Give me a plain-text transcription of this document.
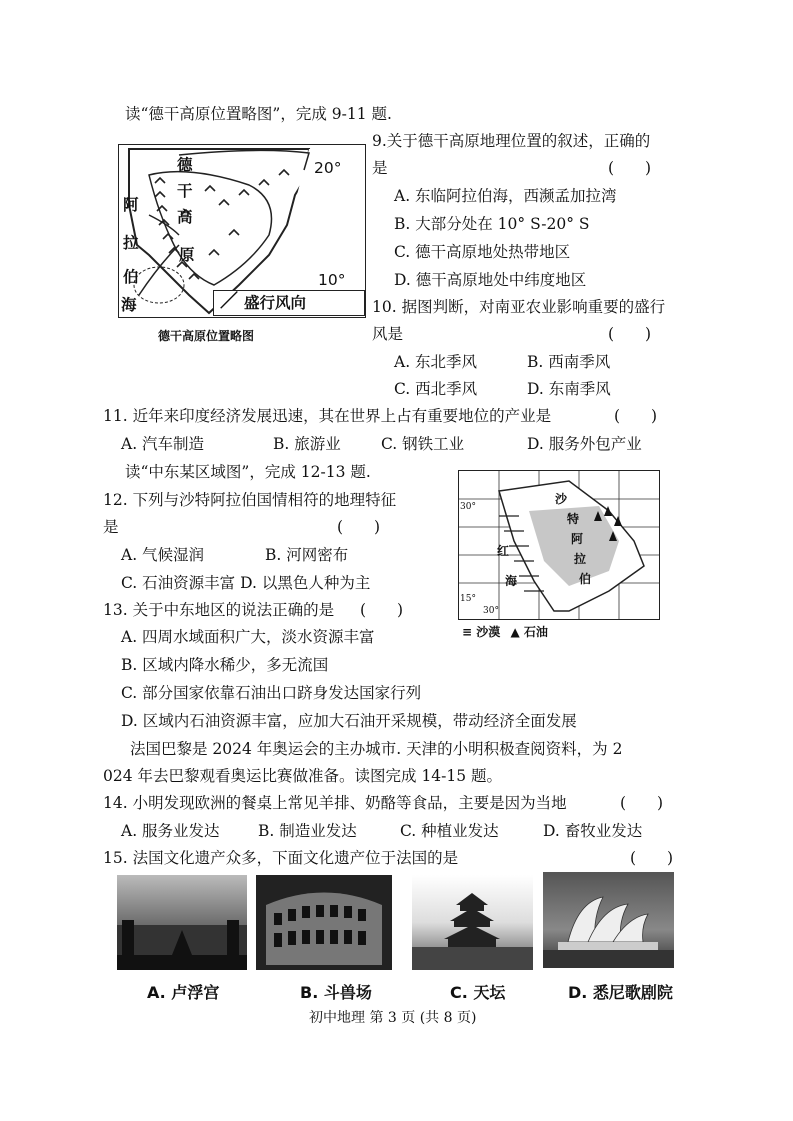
读“德干高原位置略图”，完成 9-11 题.
德
干
高
原
阿
拉
伯
海	／ 盛行风向
20°
10°
德干高原位置略图
9.关于德干高原地理位置的叙述，正确的
是	(　　)
A. 东临阿拉伯海，西濒孟加拉湾
B. 大部分处在 10° S-20° S
C. 德干高原地处热带地区
D. 德干高原地处中纬度地区
10. 据图判断，对南亚农业影响重要的盛行
风是	(　　)
A. 东北季风	B. 西南季风
C. 西北季风	D. 东南季风
11. 近年来印度经济发展迅速，其在世界上占有重要地位的产业是	(　　)
A. 汽车制造	B. 旅游业	C. 钢铁工业	D. 服务外包产业
读“中东某区域图”，完成 12-13 题.
沙
特
阿
拉
伯
红
海
30°
15°
30°
≡ 沙漠 ▲ 石油
12. 下列与沙特阿拉伯国情相符的地理特征
是	(　　)
A. 气候湿润	B. 河网密布
C. 石油资源丰富 D. 以黑色人种为主
13. 关于中东地区的说法正确的是 (　　)
A. 四周水域面积广大，淡水资源丰富
B. 区域内降水稀少，多无流国
C. 部分国家依靠石油出口跻身发达国家行列
D. 区域内石油资源丰富，应加大石油开采规模，带动经济全面发展
法国巴黎是 2024 年奥运会的主办城市. 天津的小明积极查阅资料，为 2
024 年去巴黎观看奥运比赛做准备。读图完成 14-15 题。
14. 小明发现欧洲的餐桌上常见羊排、奶酪等食品，主要是因为当地	(　　)
A. 服务业发达 B. 制造业发达	C. 种植业发达	D. 畜牧业发达
15. 法国文化遗产众多，下面文化遗产位于法国的是	(　　)
A. 卢浮宫	B. 斗兽场	C. 天坛	D. 悉尼歌剧院
初中地理 第 3 页 (共 8 页)
